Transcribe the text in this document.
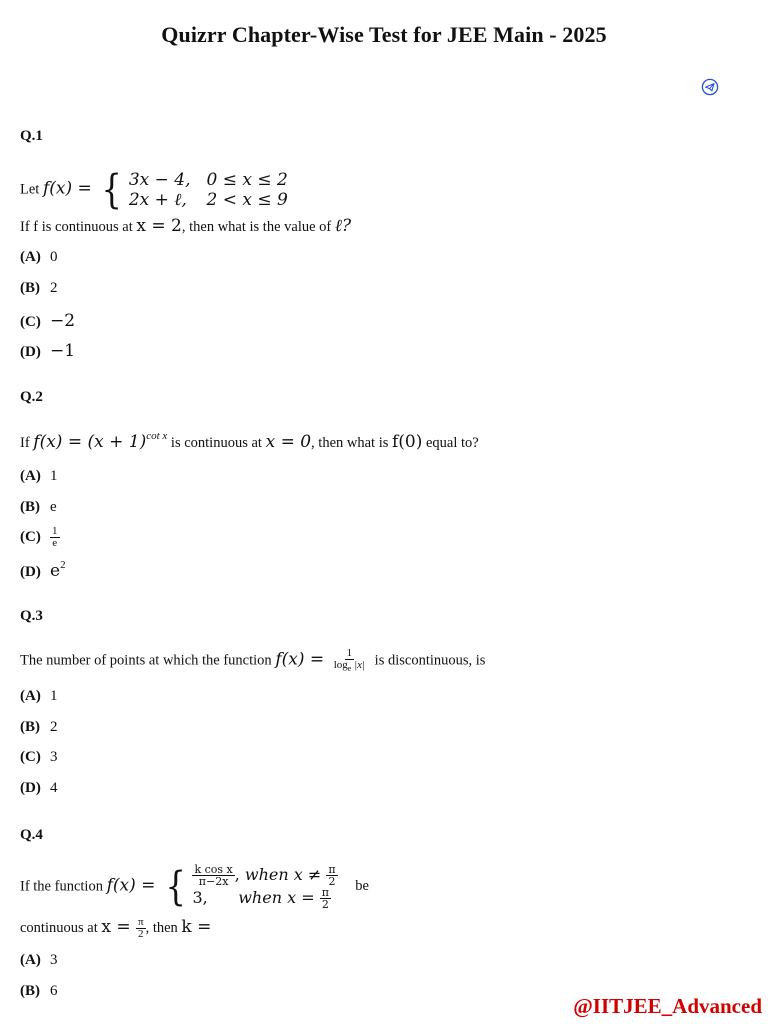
Quizrr Chapter-Wise Test for JEE Main - 2025
Q.1
Let f(x) = { 3x − 4, 0 ≤ x ≤ 2
2x + ℓ, 2 < x ≤ 9
If f is continuous at x = 2, then what is the value of ℓ?
(A) 0
(B) 2
(C) −2
(D) −1
Q.2
If $f(x) = (x + 1)^{cot x}$ is continuous at x = 0, then what is f(0) equal to?
(A) 1
(B) e
$(C) \frac{1}{e}$
(D) $e^2$
Q.3
The number of points at which the function $f(x) = \frac{1}{\log_e |x|}$ is discontinuous, is
(A) 1
(B) 2
(C) 3
(D) 4
Q.4
If the function f(x) = { $\frac{\text{k cos x}}{\pi-2x}$ , when $x \ne \frac{\pi}{2}$
3, when $x = \frac{\pi}{2}$
be
continuous at $x = \frac{\pi}{2}$ , then k =
(A) 3
(B) 6
@IITJEE_Advanced
